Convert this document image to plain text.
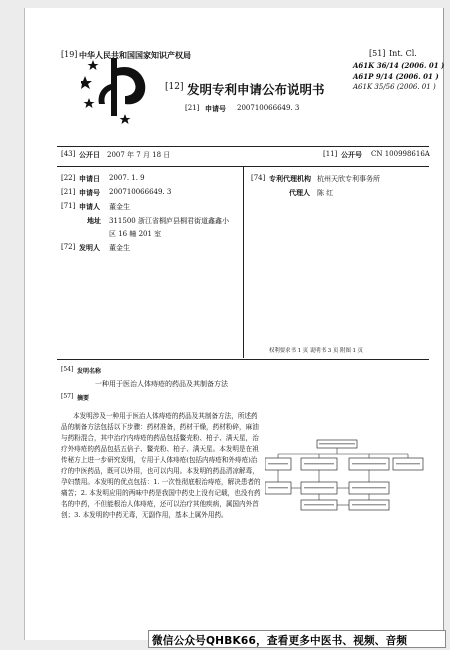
[19] 中华人民共和国国家知识产权局	[51] Int. Cl.
A61K 36/14 (2006. 01 )
A61P 9/14 (2006. 01 )
A61K 35/56 (2006. 01 )
[12] 发明专利申请公布说明书
[21] 申请号 200710066649. 3
[43] 公开日 2007 年 7 月 18 日	[11] 公开号 CN 100998616A
[22] 申请日 2007. 1. 9
[21] 申请号 200710066649. 3
[71] 申请人 董金生
地址 311500 浙江省桐庐县桐君街道鑫鑫小
区 16 幢 201 室
[72] 发明人 董金生
[74] 专利代理机构 杭州天欣专利事务所
代理人 陈 红
权利要求书 1 页 说明书 3 页 附图 1 页
[54] 发明名称
一种用于医治人体痔疮的药品及其制备方法
[57] 摘要
本发明涉及一种用于医治人体痔疮的药品及其制备方法，所述药品的制备方法包括以下步骤：药材准备，药材干燥，药材粉碎，麻油与药粉混合，其中治疗内痔疮的药品包括鳖壳粉、柏子、满天星，治疗外痔疮的药品包括五倍子、鳖壳粉、柏子、满天星。本发明是在祖传秘方上进一步研究发明，专用于人体痔疮(包括内痔疮和外痔疮)治疗的中医药品，既可以外用，也可以内用。本发明的药品清凉解毒，孕妇禁用。本发明的优点包括：1. 一次性彻底根治痔疮，解决患者的痛苦；2. 本发明应用的两味中药是我国中药史上没有记载，也没有药名的中药，不但能根治人体痔疮，还可以治疗其他疾病，属国内外首创；3. 本发明的中药无毒，无副作用，基本上属外用药。
微信公众号QHBK66，查看更多中医书、视频、音频
